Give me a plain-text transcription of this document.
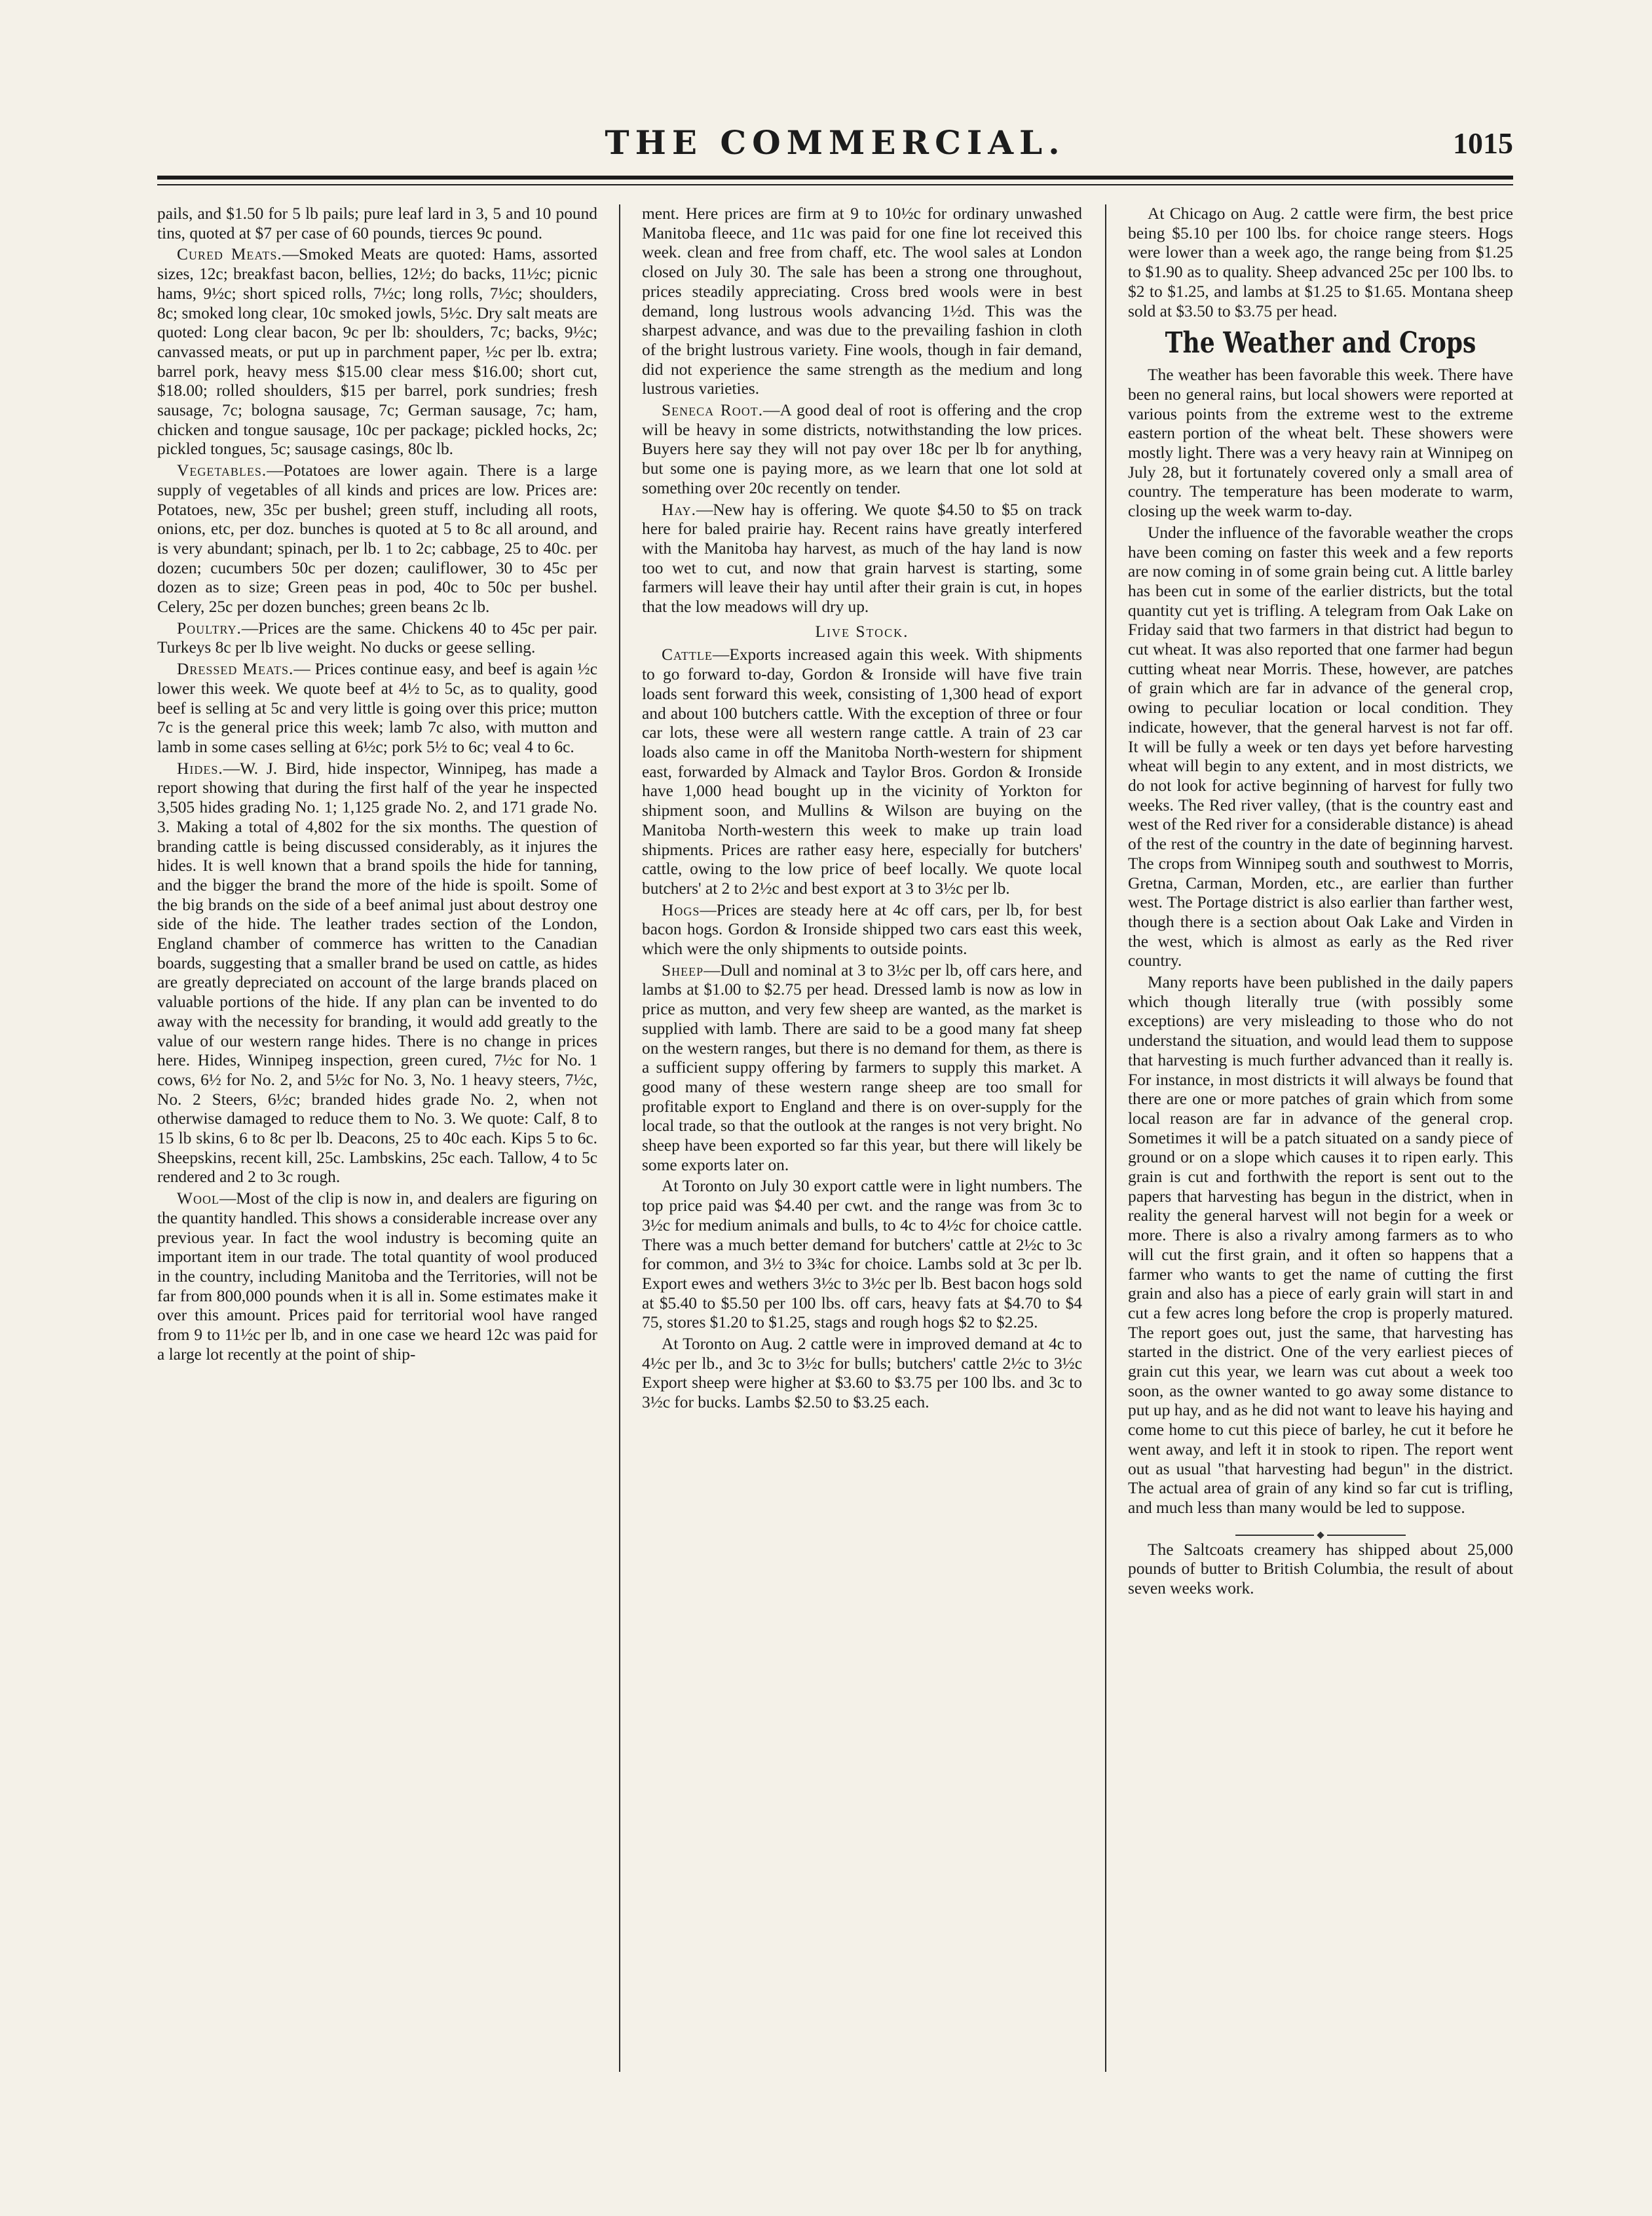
THE COMMERCIAL.	1015

pails, and $1.50 for 5 lb pails; pure leaf lard in 3, 5 and 10 pound tins, quoted at $7 per case of 60 pounds, tierces 9c pound.

Cured Meats.—Smoked Meats are quoted: Hams, assorted sizes, 12c; breakfast bacon, bellies, 12½; do backs, 11½c; picnic hams, 9½c; short spiced rolls, 7½c; long rolls, 7½c; shoulders, 8c; smoked long clear, 10c smoked jowls, 5½c. Dry salt meats are quoted: Long clear bacon, 9c per lb: shoulders, 7c; backs, 9½c; canvassed meats, or put up in parchment paper, ½c per lb. extra; barrel pork, heavy mess $15.00 clear mess $16.00; short cut, $18.00; rolled shoulders, $15 per barrel, pork sundries; fresh sausage, 7c; bologna sausage, 7c; German sausage, 7c; ham, chicken and tongue sausage, 10c per package; pickled hocks, 2c; pickled tongues, 5c; sausage casings, 80c lb.

Vegetables.—Potatoes are lower again. There is a large supply of vegetables of all kinds and prices are low. Prices are: Potatoes, new, 35c per bushel; green stuff, including all roots, onions, etc, per doz. bunches is quoted at 5 to 8c all around, and is very abundant; spinach, per lb. 1 to 2c; cabbage, 25 to 40c. per dozen; cucumbers 50c per dozen; cauliflower, 30 to 45c per dozen as to size; Green peas in pod, 40c to 50c per bushel. Celery, 25c per dozen bunches; green beans 2c lb.

Poultry.—Prices are the same. Chickens 40 to 45c per pair. Turkeys 8c per lb live weight. No ducks or geese selling.

Dressed Meats.— Prices continue easy, and beef is again ½c lower this week. We quote beef at 4½ to 5c, as to quality, good beef is selling at 5c and very little is going over this price; mutton 7c is the general price this week; lamb 7c also, with mutton and lamb in some cases selling at 6½c; pork 5½ to 6c; veal 4 to 6c.

Hides.—W. J. Bird, hide inspector, Winnipeg, has made a report showing that during the first half of the year he inspected 3,505 hides grading No. 1; 1,125 grade No. 2, and 171 grade No. 3. Making a total of 4,802 for the six months. The question of branding cattle is being discussed considerably, as it injures the hides. It is well known that a brand spoils the hide for tanning, and the bigger the brand the more of the hide is spoilt. Some of the big brands on the side of a beef animal just about destroy one side of the hide. The leather trades section of the London, England chamber of commerce has written to the Canadian boards, suggesting that a smaller brand be used on cattle, as hides are greatly depreciated on account of the large brands placed on valuable portions of the hide. If any plan can be invented to do away with the necessity for branding, it would add greatly to the value of our western range hides. There is no change in prices here. Hides, Winnipeg inspection, green cured, 7½c for No. 1 cows, 6½ for No. 2, and 5½c for No. 3, No. 1 heavy steers, 7½c, No. 2 Steers, 6½c; branded hides grade No. 2, when not otherwise damaged to reduce them to No. 3. We quote: Calf, 8 to 15 lb skins, 6 to 8c per lb. Deacons, 25 to 40c each. Kips 5 to 6c. Sheepskins, recent kill, 25c. Lambskins, 25c each. Tallow, 4 to 5c rendered and 2 to 3c rough.

Wool—Most of the clip is now in, and dealers are figuring on the quantity handled. This shows a considerable increase over any previous year. In fact the wool industry is becoming quite an important item in our trade. The total quantity of wool produced in the country, including Manitoba and the Territories, will not be far from 800,000 pounds when it is all in. Some estimates make it over this amount. Prices paid for territorial wool have ranged from 9 to 11½c per lb, and in one case we heard 12c was paid for a large lot recently at the point of ship-

ment. Here prices are firm at 9 to 10½c for ordinary unwashed Manitoba fleece, and 11c was paid for one fine lot received this week. clean and free from chaff, etc. The wool sales at London closed on July 30. The sale has been a strong one throughout, prices steadily appreciating. Cross bred wools were in best demand, long lustrous wools advancing 1½d. This was the sharpest advance, and was due to the prevailing fashion in cloth of the bright lustrous variety. Fine wools, though in fair demand, did not experience the same strength as the medium and long lustrous varieties.

Seneca Root.—A good deal of root is offering and the crop will be heavy in some districts, notwithstanding the low prices. Buyers here say they will not pay over 18c per lb for anything, but some one is paying more, as we learn that one lot sold at something over 20c recently on tender.

Hay.—New hay is offering. We quote $4.50 to $5 on track here for baled prairie hay. Recent rains have greatly interfered with the Manitoba hay harvest, as much of the hay land is now too wet to cut, and now that grain harvest is starting, some farmers will leave their hay until after their grain is cut, in hopes that the low meadows will dry up.

Live Stock.

Cattle—Exports increased again this week. With shipments to go forward to-day, Gordon & Ironside will have five train loads sent forward this week, consisting of 1,300 head of export and about 100 butchers cattle. With the exception of three or four car lots, these were all western range cattle. A train of 23 car loads also came in off the Manitoba North-western for shipment east, forwarded by Almack and Taylor Bros. Gordon & Ironside have 1,000 head bought up in the vicinity of Yorkton for shipment soon, and Mullins & Wilson are buying on the Manitoba North-western this week to make up train load shipments. Prices are rather easy here, especially for butchers' cattle, owing to the low price of beef locally. We quote local butchers' at 2 to 2½c and best export at 3 to 3½c per lb.

Hogs—Prices are steady here at 4c off cars, per lb, for best bacon hogs. Gordon & Ironside shipped two cars east this week, which were the only shipments to outside points.

Sheep—Dull and nominal at 3 to 3½c per lb, off cars here, and lambs at $1.00 to $2.75 per head. Dressed lamb is now as low in price as mutton, and very few sheep are wanted, as the market is supplied with lamb. There are said to be a good many fat sheep on the western ranges, but there is no demand for them, as there is a sufficient suppy offering by farmers to supply this market. A good many of these western range sheep are too small for profitable export to England and there is on over-supply for the local trade, so that the outlook at the ranges is not very bright. No sheep have been exported so far this year, but there will likely be some exports later on.

At Toronto on July 30 export cattle were in light numbers. The top price paid was $4.40 per cwt. and the range was from 3c to 3½c for medium animals and bulls, to 4c to 4½c for choice cattle. There was a much better demand for butchers' cattle at 2½c to 3c for common, and 3½ to 3¾c for choice. Lambs sold at 3c per lb. Export ewes and wethers 3½c to 3½c per lb. Best bacon hogs sold at $5.40 to $5.50 per 100 lbs. off cars, heavy fats at $4.70 to $4 75, stores $1.20 to $1.25, stags and rough hogs $2 to $2.25.

At Toronto on Aug. 2 cattle were in improved demand at 4c to 4½c per lb., and 3c to 3½c for bulls; butchers' cattle 2½c to 3½c Export sheep were higher at $3.60 to $3.75 per 100 lbs. and 3c to 3½c for bucks. Lambs $2.50 to $3.25 each.

At Chicago on Aug. 2 cattle were firm, the best price being $5.10 per 100 lbs. for choice range steers. Hogs were lower than a week ago, the range being from $1.25 to $1.90 as to quality. Sheep advanced 25c per 100 lbs. to $2 to $1.25, and lambs at $1.25 to $1.65. Montana sheep sold at $3.50 to $3.75 per head.

The Weather and Crops

The weather has been favorable this week. There have been no general rains, but local showers were reported at various points from the extreme west to the extreme eastern portion of the wheat belt. These showers were mostly light. There was a very heavy rain at Winnipeg on July 28, but it fortunately covered only a small area of country. The temperature has been moderate to warm, closing up the week warm to-day.

Under the influence of the favorable weather the crops have been coming on faster this week and a few reports are now coming in of some grain being cut. A little barley has been cut in some of the earlier districts, but the total quantity cut yet is trifling. A telegram from Oak Lake on Friday said that two farmers in that district had begun to cut wheat. It was also reported that one farmer had begun cutting wheat near Morris. These, however, are patches of grain which are far in advance of the general crop, owing to peculiar location or local condition. They indicate, however, that the general harvest is not far off. It will be fully a week or ten days yet before harvesting wheat will begin to any extent, and in most districts, we do not look for active beginning of harvest for fully two weeks. The Red river valley, (that is the country east and west of the Red river for a considerable distance) is ahead of the rest of the country in the date of beginning harvest. The crops from Winnipeg south and southwest to Morris, Gretna, Carman, Morden, etc., are earlier than further west. The Portage district is also earlier than farther west, though there is a section about Oak Lake and Virden in the west, which is almost as early as the Red river country.

Many reports have been published in the daily papers which though literally true (with possibly some exceptions) are very misleading to those who do not understand the situation, and would lead them to suppose that harvesting is much further advanced than it really is. For instance, in most districts it will always be found that there are one or more patches of grain which from some local reason are far in advance of the general crop. Sometimes it will be a patch situated on a sandy piece of ground or on a slope which causes it to ripen early. This grain is cut and forthwith the report is sent out to the papers that harvesting has begun in the district, when in reality the general harvest will not begin for a week or more. There is also a rivalry among farmers as to who will cut the first grain, and it often so happens that a farmer who wants to get the name of cutting the first grain and also has a piece of early grain will start in and cut a few acres long before the crop is properly matured. The report goes out, just the same, that harvesting has started in the district. One of the very earliest pieces of grain cut this year, we learn was cut about a week too soon, as the owner wanted to go away some distance to put up hay, and as he did not want to leave his haying and come home to cut this piece of barley, he cut it before he went away, and left it in stook to ripen. The report went out as usual "that harvesting had begun" in the district. The actual area of grain of any kind so far cut is trifling, and much less than many would be led to suppose.

The Saltcoats creamery has shipped about 25,000 pounds of butter to British Columbia, the result of about seven weeks work.
